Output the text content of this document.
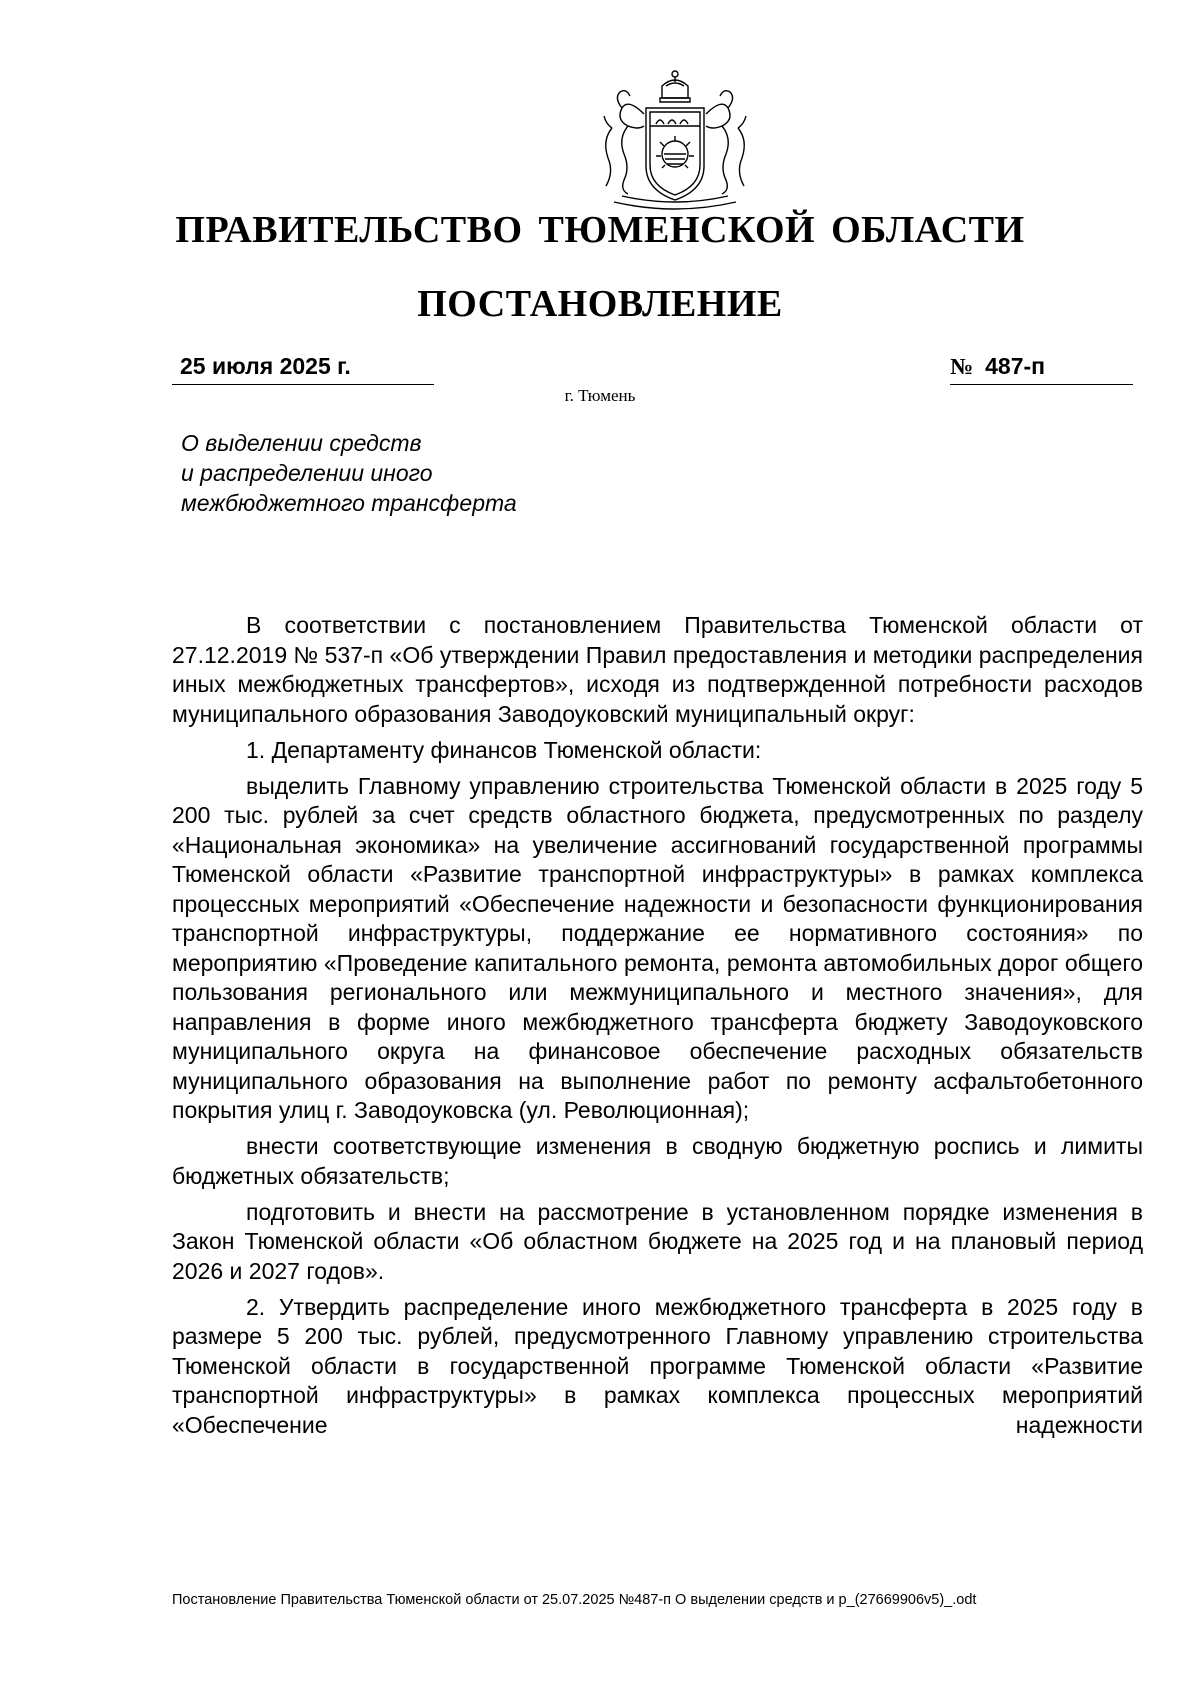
ПРАВИТЕЛЬСТВО ТЮМЕНСКОЙ ОБЛАСТИ
ПОСТАНОВЛЕНИЕ
25 июля 2025 г.	№ 487-п
г. Тюмень
О выделении средств
и распределении иного
межбюджетного трансферта

В соответствии с постановлением Правительства Тюменской области от 27.12.2019 № 537-п «Об утверждении Правил предоставления и методики распределения иных межбюджетных трансфертов», исходя из подтвержденной потребности расходов муниципального образования Заводоуковский муниципальный округ:

1. Департаменту финансов Тюменской области:

выделить Главному управлению строительства Тюменской области в 2025 году 5 200 тыс. рублей за счет средств областного бюджета, предусмотренных по разделу «Национальная экономика» на увеличение ассигнований государственной программы Тюменской области «Развитие транспортной инфраструктуры» в рамках комплекса процессных мероприятий «Обеспечение надежности и безопасности функционирования транспортной инфраструктуры, поддержание ее нормативного состояния» по мероприятию «Проведение капитального ремонта, ремонта автомобильных дорог общего пользования регионального или межмуниципального и местного значения», для направления в форме иного межбюджетного трансферта бюджету Заводоуковского муниципального округа на финансовое обеспечение расходных обязательств муниципального образования на выполнение работ по ремонту асфальтобетонного покрытия улиц г. Заводоуковска (ул. Революционная);

внести соответствующие изменения в сводную бюджетную роспись и лимиты бюджетных обязательств;

подготовить и внести на рассмотрение в установленном порядке изменения в Закон Тюменской области «Об областном бюджете на 2025 год и на плановый период 2026 и 2027 годов».

2. Утвердить распределение иного межбюджетного трансферта в 2025 году в размере 5 200 тыс. рублей, предусмотренного Главному управлению строительства Тюменской области в государственной программе Тюменской области «Развитие транспортной инфраструктуры» в рамках комплекса процессных мероприятий «Обеспечение надежности

Постановление Правительства Тюменской области от 25.07.2025 №487-п О выделении средств и р_(27669906v5)_.odt
